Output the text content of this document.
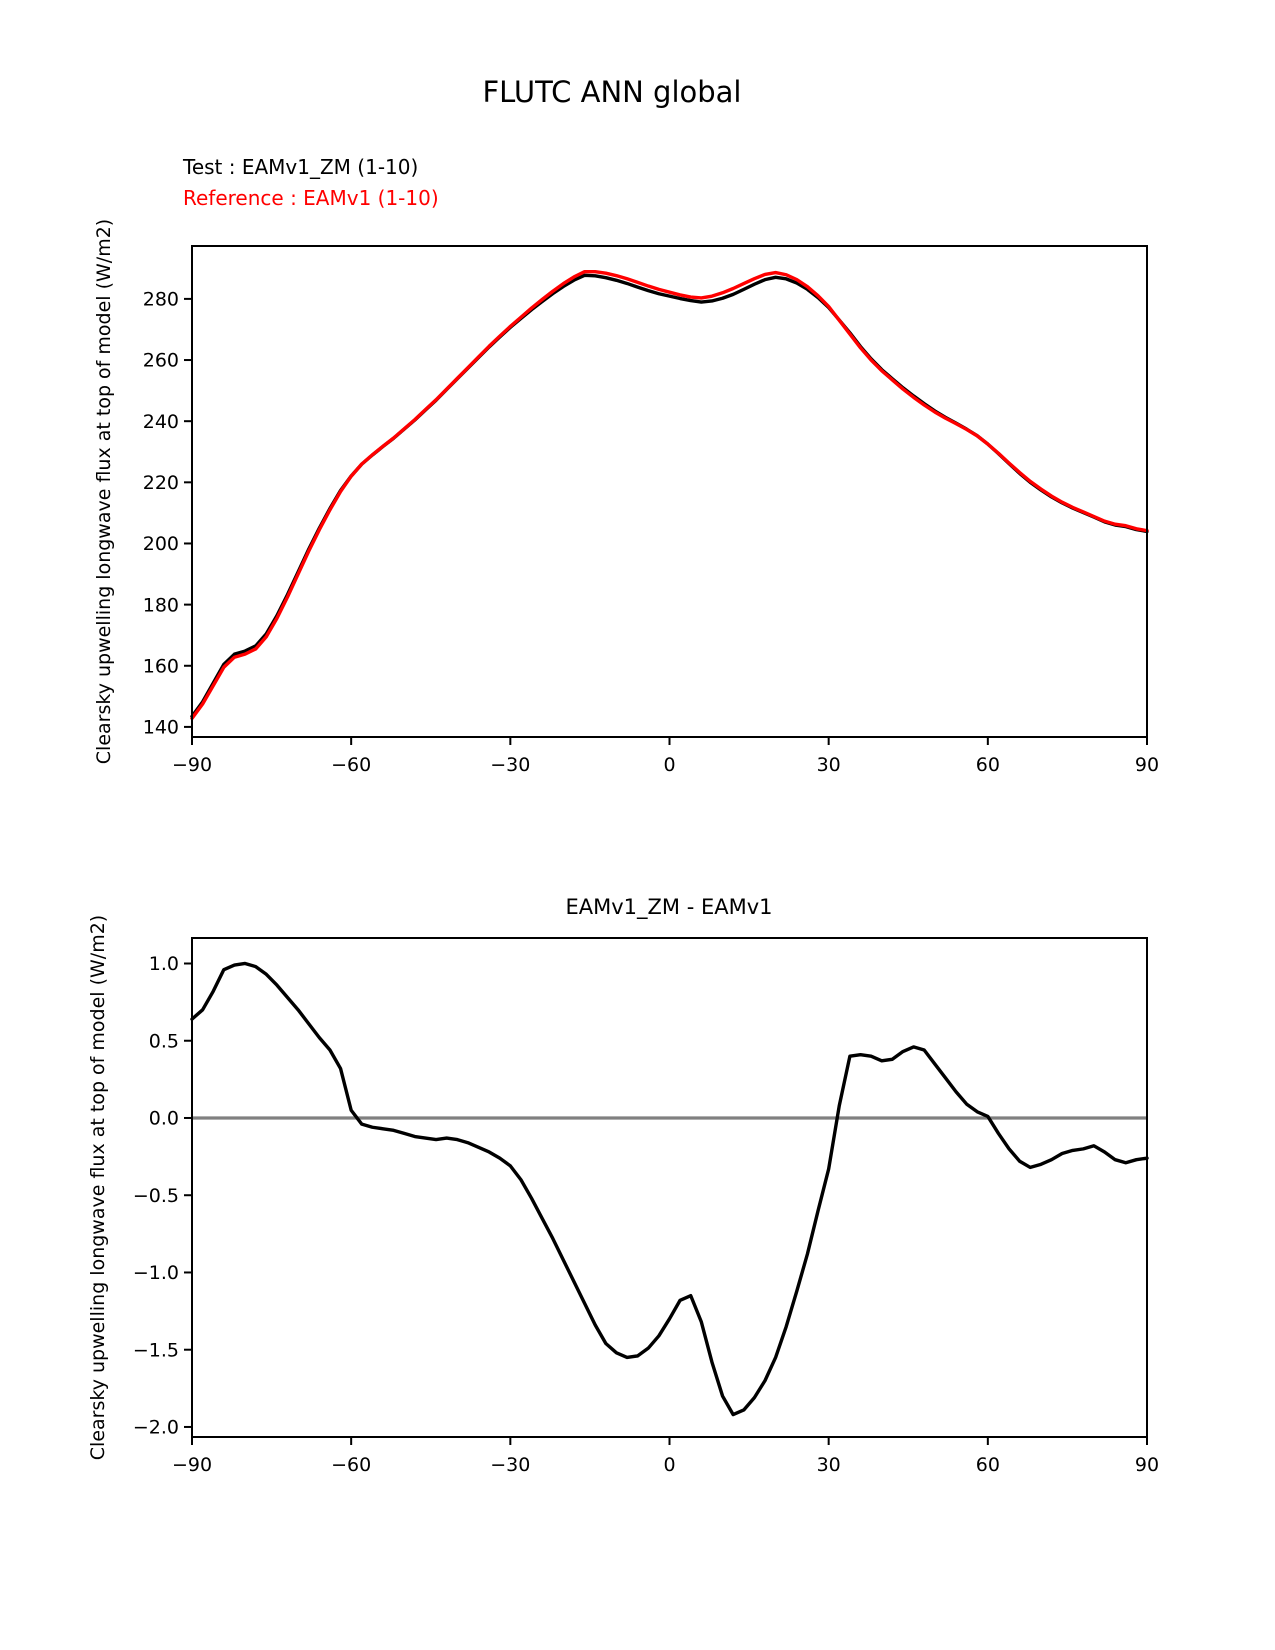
FLUTC ANN global
Test : EAMv1_ZM (1-10)
Reference : EAMv1 (1-10)
EAMv1_ZM - EAMv1
−90	−60	−30	0	30	60	90
140
160
180
200
220
240
260
280
Clearsky upwelling longwave flux at top of model (W/m2)
−90	−60	−30	0	30	60	90
1.0
0.5
0.0
−0.5
−1.0
−1.5
−2.0
Clearsky upwelling longwave flux at top of model (W/m2)
